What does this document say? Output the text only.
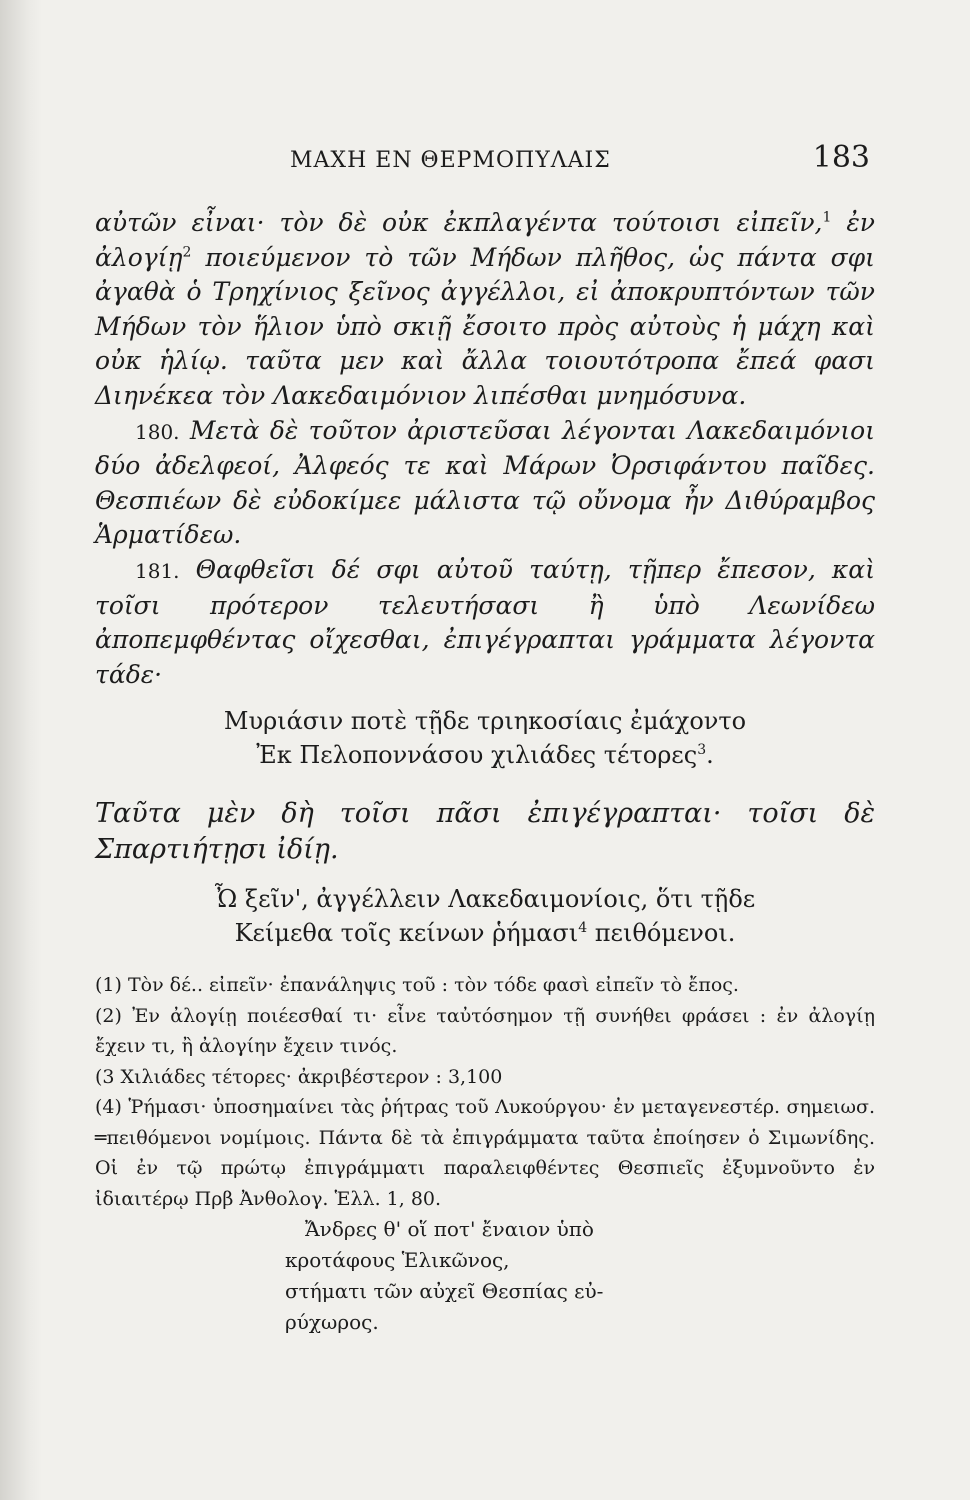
ΜΑΧΗ ΕΝ ΘΕΡΜΟΠΥΛΑΙΣ	183

αὐτῶν εἶναι· τὸν δὲ οὐκ ἐκπλαγέντα τούτοισι εἰπεῖν,$^1$ ἐν ἀλογίῃ$^2$ ποιεύμενον τὸ τῶν Μήδων πλῆθος, ὡς πάντα σφι ἀγαθὰ ὁ Τρηχίνιος ξεῖνος ἀγγέλλοι, εἰ ἀποκρυπτόντων τῶν Μήδων τὸν ἥλιον ὑπὸ σκιῇ ἔσοιτο πρὸς αὐτοὺς ἡ μάχη καὶ οὐκ ἡλίῳ. ταῦτα μεν καὶ ἄλλα τοιουτότροπα ἔπεά φασι Διηνέκεα τὸν Λακεδαιμόνιον λιπέσθαι μνημόσυνα.

180. Μετὰ δὲ τοῦτον ἀριστεῦσαι λέγονται Λακεδαιμόνιοι δύο ἀδελφεοί, Ἀλφεός τε καὶ Μάρων Ὀρσιφάντου παῖδες. Θεσπιέων δὲ εὐδοκίμεε μάλιστα τῷ οὔνομα ἦν Διθύραμβος Ἁρματίδεω.

181. Θαφθεῖσι δέ σφι αὐτοῦ ταύτῃ, τῇπερ ἔπεσον, καὶ τοῖσι πρότερον τελευτήσασι ἢ ὑπὸ Λεωνίδεω ἀποπεμφθέντας οἴχεσθαι, ἐπιγέγραπται γράμματα λέγοντα τάδε·

Μυριάσιν ποτὲ τῇδε τριηκοσίαις ἐμάχοντο

Ἐκ Πελοποννάσου χιλιάδες τέτορες$^3$.

Ταῦτα μὲν δὴ τοῖσι πᾶσι ἐπιγέγραπται· τοῖσι δὲ Σπαρτιήτῃσι ἰδίῃ.

Ὦ ξεῖν', ἀγγέλλειν Λακεδαιμονίοις, ὅτι τῇδε

Κείμεθα τοῖς κείνων ῥήμασι$^4$ πειθόμενοι.

(1) Τὸν δέ.. εἰπεῖν· ἐπανάληψις τοῦ : τὸν τόδε φασὶ εἰπεῖν τὸ ἔπος.

(2) Ἐν ἀλογίῃ ποιέεσθαί τι· εἶνε ταὐτόσημον τῇ συνήθει φράσει : ἐν ἀλογίῃ ἔχειν τι, ἢ ἀλογίην ἔχειν τινός.

(3 Χιλιάδες τέτορες· ἀκριβέστερον : 3,100

(4) Ῥήμασι· ὑποσημαίνει τὰς ῥήτρας τοῦ Λυκούργου· ἐν μεταγενεστέρ. σημειωσ. ═πειθόμενοι νομίμοις. Πάντα δὲ τὰ ἐπιγράμματα ταῦτα ἐποίησεν ὁ Σιμωνίδης. Οἱ ἐν τῷ πρώτῳ ἐπιγράμματι παραλειφθέντες Θεσπιεῖς ἐξυμνοῦντο ἐν ἰδιαιτέρῳ Πρβ Ἀνθολογ. Ἑλλ. 1, 80.

Ἄνδρες θ' οἵ ποτ' ἔναιον ὑπὸ

κροτάφους Ἑλικῶνος,

στήματι τῶν αὐχεῖ Θεσπίας εὐ-

ρύχωρος.
